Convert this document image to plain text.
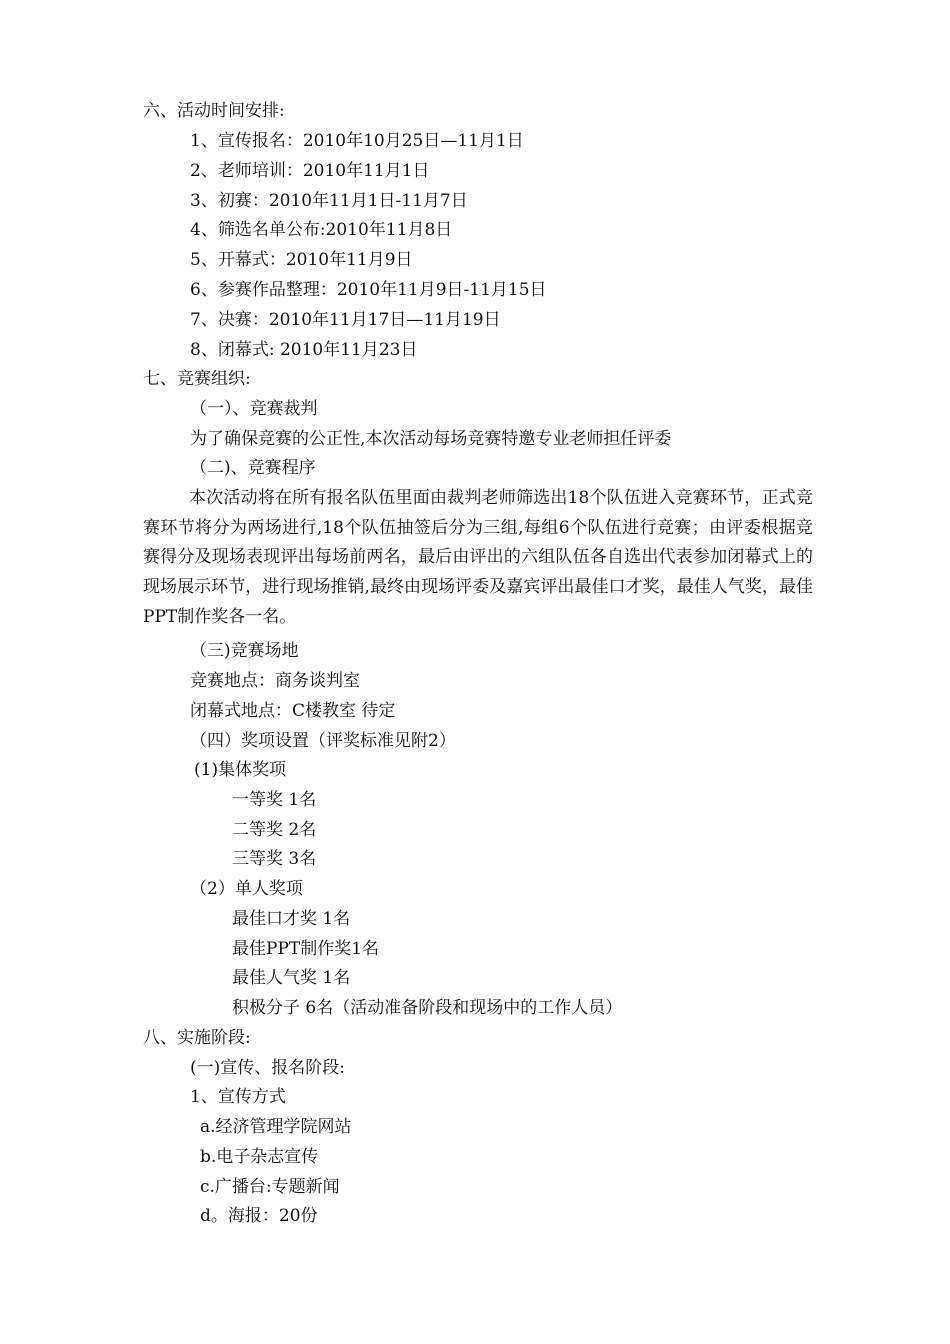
六、活动时间安排:
1、宣传报名：2010年10月25日—11月1日
2、老师培训：2010年11月1日
3、初赛：2010年11月1日-11月7日
4、筛选名单公布:2010年11月8日
5、开幕式：2010年11月9日
6、参赛作品整理：2010年11月9日-11月15日
7、决赛：2010年11月17日—11月19日
8、闭幕式: 2010年11月23日
七、竞赛组织:
（一）、竞赛裁判
为了确保竞赛的公正性,本次活动每场竞赛特邀专业老师担任评委
（二)、竞赛程序
本次活动将在所有报名队伍里面由裁判老师筛选出18个队伍进入竞赛环节，正式竞赛环节将分为两场进行,18个队伍抽签后分为三组,每组6个队伍进行竞赛；由评委根据竞赛得分及现场表现评出每场前两名，最后由评出的六组队伍各自选出代表参加闭幕式上的现场展示环节，进行现场推销,最终由现场评委及嘉宾评出最佳口才奖，最佳人气奖，最佳PPT制作奖各一名。
（三)竞赛场地
竞赛地点：商务谈判室
闭幕式地点：C楼教室 待定
（四）奖项设置（评奖标准见附2）
(1)集体奖项
一等奖 1名
二等奖 2名
三等奖 3名
（2）单人奖项
最佳口才奖 1名
最佳PPT制作奖1名
最佳人气奖 1名
积极分子 6名（活动准备阶段和现场中的工作人员）
八、实施阶段:
(一)宣传、报名阶段:
1、宣传方式
a.经济管理学院网站
b.电子杂志宣传
c.广播台:专题新闻
d。海报：20份
